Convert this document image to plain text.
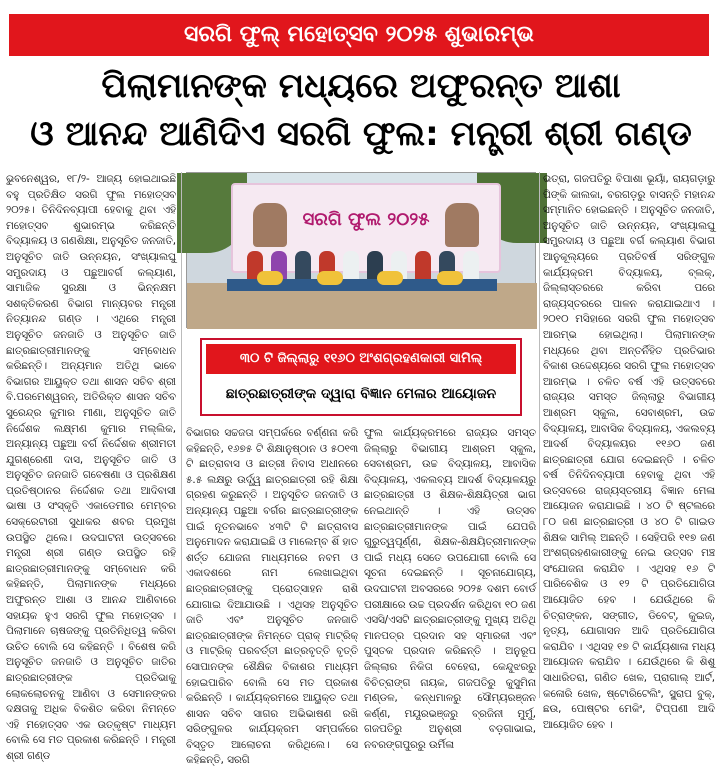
ସରଗି ଫୁଲ୍ ମହୋତ୍ସବ ୨୦୨୫ ଶୁଭାରମ୍ଭ
ପିଲାମାନଙ୍କ ମଧ୍ୟରେ ଅଫୁରନ୍ତ ଆଶା
ଓ ଆନନ୍ଦ ଆଣିଦିଏ ସରଗି ଫୁଲ: ମନ୍ତ୍ରୀ ଶ୍ରୀ ଗଣ୍ଡ
ଭୁବନେଶ୍ୱର, ୧୮/୨- ଆଜ୍ୟ ହୋଇଥାଇଛି ବହୁ ପ୍ରତିକ୍ଷିତ ସରଗି ଫୁଲ ମହୋତ୍ସବ ୨୦୨୫। ତିନିଦିନବ୍ୟାପୀ ହେବାକୁ ଥିବା ଏହି ମହୋତ୍ସବ ଶୁଭାରମ୍ଭ କରିଛନ୍ତି ବିଦ୍ୟାଳୟ ଓ ଗଣଶିକ୍ଷା, ଅନୁସୂଚିତ ଜନଜାତି, ଅନୁସୂଚିତ ଜାତି ଉନ୍ନୟନ, ସଂଖ୍ୟାଲଘୁ ସମ୍ପ୍ରଦାୟ ଓ ପଛୁଆବର୍ଗ କଲ୍ୟାଣ, ସାମାଜିକ ସୁରକ୍ଷା ଓ ଭିନ୍ନକ୍ଷମ ସଶକ୍ତିକରଣ ବିଭାଗ ମାନ୍ୟବର ମନ୍ତ୍ରୀ ନିତ୍ୟାନନ୍ଦ ଗଣ୍ଡ । ଏଥିରେ ମନ୍ତ୍ରୀ ଅନୁସୂଚିତ ଜନଜାତି ଓ ଅନୁସୂଚିତ ଜାତି ଛାତ୍ରଛାତ୍ରୀମାନଙ୍କୁ ସମ୍ବୋଧନ କରିଛନ୍ତି। ଅନ୍ୟମାନ ଅତିଥି ଭାବେ ବିଭାଗର ଆୟୁକ୍ତ ତଥା ଶାସନ ସଚିବ ଶ୍ରୀ ବି.ପରମେଶ୍ୱରନ୍, ଅତିରିକ୍ତ ଶାସନ ସଚିବ ସୁରେନ୍ଦ୍ର କୁମାର ମୀଣା, ଅନୁସୂଚିତ ଜାତି ନିର୍ଦ୍ଦେଶକ ଲକ୍ଷ୍ମଣ କୁମାର ମଲ୍ଲିକ, ଅନ୍ୟାନ୍ୟ ପଛୁଆ ବର୍ଗ ନିର୍ଦ୍ଦେଶକ ଶ୍ରୀମତୀ ଯୁଗଶ୍ରେଣୀ ଦାସ, ଅନୁସୂଚିତ ଜାତି ଓ ଅନୁସୂଚିତ ଜନଜାତି ଗବେଷଣା ଓ ପ୍ରଶିକ୍ଷଣ ପ୍ରତିଷ୍ଠାନର ନିର୍ଦ୍ଦେଶକ ତଥା ଆଦିବାସୀ ଭାଷା ଓ ସଂସ୍କୃତି ଏକାଡେମୀର ମେମ୍ବର ସେକ୍ରେଟାରୀ ସୁଧାକର ଶବର ପ୍ରମୁଖ ଉପସ୍ଥିତ ଥିଲେ। ଉଦଘାଟନୀ ଉତ୍ସବରେ ମନ୍ତ୍ରୀ ଶ୍ରୀ ଗଣ୍ଡ ଉପସ୍ଥିତ ରହି ଛାତ୍ରଛାତ୍ରୀମାନଙ୍କୁ ସମ୍ବୋଧନ କରି କହିଛନ୍ତି, ପିଲାମାନଙ୍କ ମଧ୍ୟରେ ଅଫୁରନ୍ତ ଆଶା ଓ ଆନନ୍ଦ ଆଣିବାରେ ସହାୟକ ହୁଏ ସରଗି ଫୁଲ ମହୋତ୍ସବ । ପିଲାମାନେ ଚାଷଜଙ୍କୁ ପ୍ରତିନିଧିତ୍ୱ କରିବା ଉଚିତ ବୋଲି ସେ କହିଛନ୍ତି । ବିଶେଷ କରି ଅନୁସୂଚିତ ଜନଜାତି ଓ ଅନୁସୂଚିତ ଜାତିର ଛାତ୍ରଛାତ୍ରୀଙ୍କ ପ୍ରତିଭାକୁ ଲୋକଲୋଚନକୁ ଆଣିବା ଓ ସେମାନଙ୍କର ଦକ୍ଷତାକୁ ଅଧିକ ବିକଶିତ କରିବା ନିମନ୍ତେ ଏହି ମହୋତ୍ସବ ଏକ ଉତ୍କୃଷ୍ଟ ମାଧ୍ୟମ ବୋଲି ସେ ମତ ପ୍ରକାଶ କରିଛନ୍ତି । ମନ୍ତ୍ରୀ ଶ୍ରୀ ଗଣ୍ଡ
ସରଗି ଫୁଲ ୨୦୨୫
୩୦ ଟି ଜିଲ୍ଲାରୁ ୧୧୬୦ ଅଂଶଗ୍ରହଣକାରୀ ସାମିଲ୍
ଛାତ୍ରଛାତ୍ରୀଙ୍କ ଦ୍ୱାରା ବିଜ୍ଞାନ ମେଳାର ଆୟୋଜନ
ବିଭାଗର ସଚ୍ଚଜତା ସମ୍ପର୍କରେ ବର୍ଣ୍ଣନା କରି କହିଛନ୍ତି, ୧୬୭୫ ଟି ଶିକ୍ଷାନୁଷ୍ଠାନ ଓ ୫୦୧୩ ଟି ଛାତ୍ରାବାସ ଓ ଛାତ୍ରୀ ନିବାସ ଅଧୀନରେ ୫.୫ ଲକ୍ଷରୁ ଉର୍ଦ୍ଧ୍ୱ ଛାତ୍ରଛାତ୍ରୀ ରହି ଶିକ୍ଷା ଗ୍ରହଣ କରୁଛନ୍ତି । ଅନୁସୂଚିତ ଜନଜାତି ଓ ଅନ୍ୟାନ୍ୟ ପଛୁଆ ବର୍ଗର ଛାତ୍ରଛାତ୍ରୀଙ୍କ ପାଇଁ ନୂତନଭାବେ ୪୩ଟି ଟି ଛାତ୍ରାବାସ ଅନୁମୋଦନ କରାଯାଇଛି ଓ ମାଲେମ୍ବ ଶିଁ ହାତ ଶର୍ତ୍ତ ଯୋଜନା ମାଧ୍ୟମରେ ନବମ ଓ ଏକାଦଶରେ ନାମ ଲେଖାଇଥିବା ଛାତ୍ରଛାତ୍ରୀଙ୍କୁ ପ୍ରୋତ୍ସାହନ ରାଶି ଯୋଗାଇ ଦିଆଯାଉଛି । ଏଥିସହ ଅନୁସୂଚିତ ଜାତି ଏବଂ ଅନୁସୂଚିତ ଜନଜାତି ଛାତ୍ରଛାତ୍ରୀଙ୍କ ନିମନ୍ତେ ପ୍ରାକ୍ ମାଟ୍ରିକ୍ ଓ ମାଟ୍ରିକ୍ ପରବର୍ତ୍ତୀ ଛାତ୍ରବୃତ୍ତି ବୃତ୍ତି ସୋପାନଙ୍କ ଶୈକ୍ଷିକ ବିକାଶର ମାଧ୍ୟମ ହୋଇପାରିବ ବୋଲି ସେ ମତ ପ୍ରକାଶ କରିଛନ୍ତି । କାର୍ଯ୍ୟକ୍ରମରେ ଆୟୁକ୍ତ ତଥା ଶାସନ ସଚିବ ସାଗର ଅଭିଭାଷଣ ରଖି ସରିଙ୍ଗୁଳର କାର୍ଯ୍ୟକ୍ରମ ସମ୍ପର୍କରେ ବିସ୍ତୃତ ଆଲୋଚନା କରିଥିଲେ। ସେ କହିଛନ୍ତି, ସରଗି
ଫୁଲ କାର୍ଯ୍ୟକ୍ରମରେ ରାଜ୍ୟର ସମସ୍ତ ଜିଲ୍ଲାରୁ ବିଭାଗୀୟ ଆଶ୍ରମ ସ୍କୁଲ, ସେବାଶ୍ରମ, ଉଚ୍ଚ ବିଦ୍ୟାଳୟ, ଆବାସିକ ବିଦ୍ୟାଳୟ, ଏକଲବ୍ୟ ଆଦର୍ଶ ବିଦ୍ୟାଳୟରୁ ଛାତ୍ରଛାତ୍ରୀ ଓ ଶିକ୍ଷକ-ଶିକ୍ଷୟିତ୍ରୀ ଭାଗ ନେଇଥାନ୍ତି । ଏହି ଉତ୍ସବ ଛାତ୍ରଛାତ୍ରୀମାନଙ୍କ ପାଇଁ ଯେପରି ଗୁରୁତ୍ୱପୂର୍ଣ୍ଣ, ଶିକ୍ଷକ-ଶିକ୍ଷୟିତ୍ରୀମାନଙ୍କ ପାଇଁ ମଧ୍ୟ ସେତେ ଉପଯୋଗୀ ବୋଲି ସେ ସୂଚନା ଦେଇଛନ୍ତି । ସୂଚନାଯୋଗ୍ୟ, ଉଦଘାଟନୀ ଅବସରରେ ୨୦୨୫ ଦଶମ ବୋର୍ଡ ପରୀକ୍ଷାରେ ଉଚ୍ଚ ପ୍ରଦର୍ଶନ କରିଥିବା ୧୦ ଜଣ ଏସସି/ଏସଟି ଛାତ୍ରଛାତ୍ରୀଙ୍କୁ ମୁଖ୍ୟ ଅତିଥି ମାନପତ୍ର ପ୍ରଦାନ ସହ ସ୍ମାରକୀ ଏବଂ ପୁସ୍ତକ ପ୍ରଦାନ କରିଛନ୍ତି । ଅନୁରୂପ ଜିଲ୍ଲାର ନିକିତା ବେହେରା, କେନ୍ଦୁଝରରୁ ବିଚିତ୍ରାଙ୍ଗ ନାୟକ, ଗଜପତିରୁ କୁସୁମିନା ମଣ୍ଡଳ, କନ୍ଧମାଳରୁ ସୌମ୍ୟରଞ୍ଜନ କର୍ଣ୍ଣ, ମୟୂରଭଞ୍ଜରୁ ବ୍ରଜିନୀ ମୁର୍ମୁ, ଗଜପତିରୁ ଅନୁଶ୍ରୀ ବଡ଼ଗାଭାଇ, ନବରଙ୍ଗପୁରରୁ ଉର୍ମିଳା
ଭତ୍ରା, ଗଜପତିରୁ ବିପାଶା ଭୂୟାଁ, ରାୟଗଡ଼ାରୁ ପିଙ୍କି କାଲକା, ବରଗଡ଼ରୁ ବାସନ୍ତି ମହାନନ୍ଦ ସମ୍ମାନିତ ହୋଇଛନ୍ତି । ଅନୁସୂଚିତ ଜନଜାତି, ଅନୁସୂଚିତ ଜାତି ଉନ୍ନୟନ, ସଂଖ୍ୟାଲଘୁ ସମ୍ପ୍ରଦାୟ ଓ ପଛୁଆ ବର୍ଗ କଲ୍ୟାଣ ବିଭାଗ ଆନୁକୂଲ୍ୟରେ ପ୍ରତିବର୍ଷ ସରିଙ୍ଗୁଳ କାର୍ଯ୍ୟକ୍ରମ ବିଦ୍ୟାଳୟ, ବ୍ଲକ୍, ଜିଲ୍ଲାସ୍ତରରେ କରିବା ପରେ ରାଜ୍ୟସ୍ତରରେ ପାଳନ କରାଯାଇଥାଏ । ୨୦୧୦ ମସିହାରେ ସରଗି ଫୁଲ ମହୋତ୍ସବ ଆରମ୍ଭ ହୋଇଥିଲା। ପିଲାମାନଙ୍କ ମଧ୍ୟରେ ଥିବା ଅନ୍ତର୍ନିହିତ ପ୍ରତିଭାର ବିକାଶ ଉଦ୍ଦେଶ୍ୟରେ ସରଗି ଫୁଲ ମହୋତ୍ସବ ଆରମ୍ଭ । ଚଳିତ ବର୍ଷ ଏହି ଉତ୍ସବରେ ରାଜ୍ୟର ସମସ୍ତ ଜିଲ୍ଲାରୁ ବିଭାଗୀୟ ଆଶ୍ରମ ସ୍କୁଲ, ସେବାଶ୍ରମ, ଉଚ୍ଚ ବିଦ୍ୟାଳୟ, ଆବାସିକ ବିଦ୍ୟାଳୟ, ଏକଲବ୍ୟ ଆଦର୍ଶ ବିଦ୍ୟାଳୟର ୧୧୬୦ ଜଣ ଛାତ୍ରଛାତ୍ରୀ ଯୋଗ ଦେଇଛନ୍ତି । ଚଳିତ ବର୍ଷ ତିନିଦିନବ୍ୟାପୀ ହେବାକୁ ଥିବା ଏହି ଉତ୍ସବରେ ରାଜ୍ୟସ୍ତରୀୟ ବିଜ୍ଞାନ ମେଳା ଆୟୋଜନ କରାଯାଇଛି । ୪୦ ଟି ଷ୍ଟଲରେ ୮୦ ଜଣ ଛାତ୍ରଛାତ୍ରୀ ଓ ୪୦ ଟି ଗାଇଡ ଶିକ୍ଷକ ସାମିଲ୍ ଅଛନ୍ତି । ସେହିପରି ୧୧୭ ଜଣ ଅଂଶଗ୍ରହଣକାରୀଙ୍କୁ ନେଇ ଉତ୍ସବ ମଞ୍ଚ ସଂଯୋଜନା କରାଯିବ । ଏଥିସହ ୧୬ ଟି ପାରିବେଶିକ ଓ ୧୨ ଟି ପ୍ରତିଯୋଗିତା ଆୟୋଜିତ ହେବ । ଯେଉଁଥିରେ କି ଚିତ୍ରାଙ୍କନ, ସଙ୍ଗୀତ, ଡିବେଟ୍, କୁଇଜ୍, ନୃତ୍ୟ, ଯୋଗାସନ ଆଦି ପ୍ରତିଯୋଗିତା କରାଯିବ । ଏଥିସହ ୧୭ ଟି କାର୍ଯ୍ୟଶାଳା ମଧ୍ୟ ଆୟୋଜନ କରାଯିବ । ଯେଉଁଥିରେ କି ଶିଶୁ ସାଧାରିତରା, ଗଣିତ ଖେଳ, ପ୍ରାଗାଲ୍ ଆର୍ଟ, କଳୋରି ଖେଳ, ଷ୍ଟୋରିଟେଲିଂ, ସ୍କ୍ରାପ ବୁକ୍, ଛଉ, ପୋଷ୍ଟର ମେକିଂ, ଟିପ୍ପଣୀ ଆଦି ଆୟୋଜିତ ହେବ ।
